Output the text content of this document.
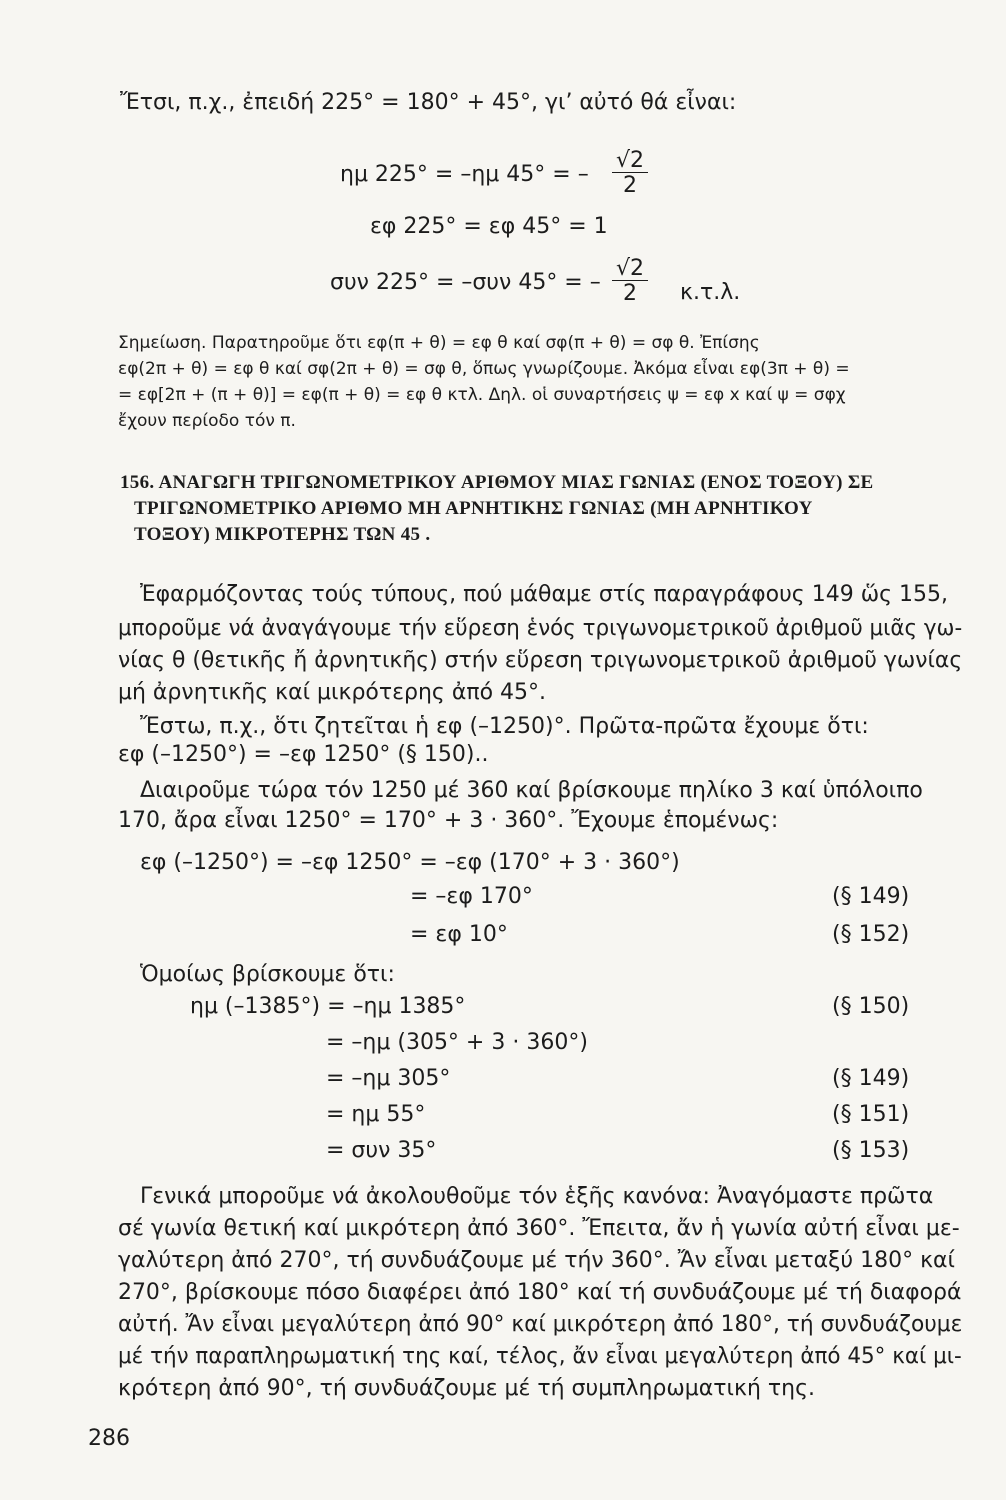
Ἔτσι, π.χ., ἐπειδή 225° = 180° + 45°, γι’ αὐτό θά εἶναι:
ημ 225° = –ημ 45° = – $\frac{√2}{2}$
εφ 225° = εφ 45° = 1
συν 225° = –συν 45° = – $\frac{√2}{2} \kappa.\tau.\lambda$.
Σημείωση. Παρατηροῦμε ὅτι εφ(π + θ) = εφ θ καί σφ(π + θ) = σφ θ. Ἐπίσης
εφ(2π + θ) = εφ θ καί σφ(2π + θ) = σφ θ, ὅπως γνωρίζουμε. Ἀκόμα εἶναι εφ(3π + θ) =
= εφ[2π + (π + θ)] = εφ(π + θ) = εφ θ κτλ. Δηλ. οἱ συναρτήσεις ψ = εφ x καί ψ = σφχ
ἔχουν περίοδο τόν π.
156. ΑΝΑΓΩΓΗ ΤΡΙΓΩΝΟΜΕΤΡΙΚΟΥ ΑΡΙΘΜΟΥ ΜΙΑΣ ΓΩΝΙΑΣ (ΕΝΟΣ ΤΟΞΟΥ) ΣΕ
ΤΡΙΓΩΝΟΜΕΤΡΙΚΟ ΑΡΙΘΜΟ ΜΗ ΑΡΝΗΤΙΚΗΣ ΓΩΝΙΑΣ (ΜΗ ΑΡΝΗΤΙΚΟΥ
ΤΟΞΟΥ) ΜΙΚΡΟΤΕΡΗΣ ΤΩΝ 45 .
Ἐφαρμόζοντας τούς τύπους, πού μάθαμε στίς παραγράφους 149 ὥς 155,
μποροῦμε νά ἀναγάγουμε τήν εὕρεση ἑνός τριγωνομετρικοῦ ἀριθμοῦ μιᾶς γω-
νίας θ (θετικῆς ἤ ἀρνητικῆς) στήν εὕρεση τριγωνομετρικοῦ ἀριθμοῦ γωνίας
μή ἀρνητικῆς καί μικρότερης ἀπό 45°.
Ἔστω, π.χ., ὅτι ζητεῖται ἡ εφ (–1250)°. Πρῶτα-πρῶτα ἔχουμε ὅτι:
εφ (–1250°) = –εφ 1250° (§ 150)..
Διαιροῦμε τώρα τόν 1250 μέ 360 καί βρίσκουμε πηλίκο 3 καί ὑπόλοιπο
170, ἄρα εἶναι 1250° = 170° + 3 · 360°. Ἔχουμε ἑπομένως:
εφ (–1250°) = –εφ 1250° = –εφ (170° + 3 · 360°)
= –εφ 170°	(§ 149)
= εφ 10°	(§ 152)
Ὁμοίως βρίσκουμε ὅτι:
ημ (–1385°) = –ημ 1385°	(§ 150)
= –ημ (305° + 3 · 360°)
= –ημ 305°	(§ 149)
= ημ 55°	(§ 151)
= συν 35°	(§ 153)
Γενικά μποροῦμε νά ἀκολουθοῦμε τόν ἑξῆς κανόνα: Ἀναγόμαστε πρῶτα
σέ γωνία θετική καί μικρότερη ἀπό 360°. Ἔπειτα, ἄν ἡ γωνία αὐτή εἶναι με-
γαλύτερη ἀπό 270°, τή συνδυάζουμε μέ τήν 360°. Ἄν εἶναι μεταξύ 180° καί
270°, βρίσκουμε πόσο διαφέρει ἀπό 180° καί τή συνδυάζουμε μέ τή διαφορά
αὐτή. Ἄν εἶναι μεγαλύτερη ἀπό 90° καί μικρότερη ἀπό 180°, τή συνδυάζουμε
μέ τήν παραπληρωματική της καί, τέλος, ἄν εἶναι μεγαλύτερη ἀπό 45° καί μι-
κρότερη ἀπό 90°, τή συνδυάζουμε μέ τή συμπληρωματική της.
286
